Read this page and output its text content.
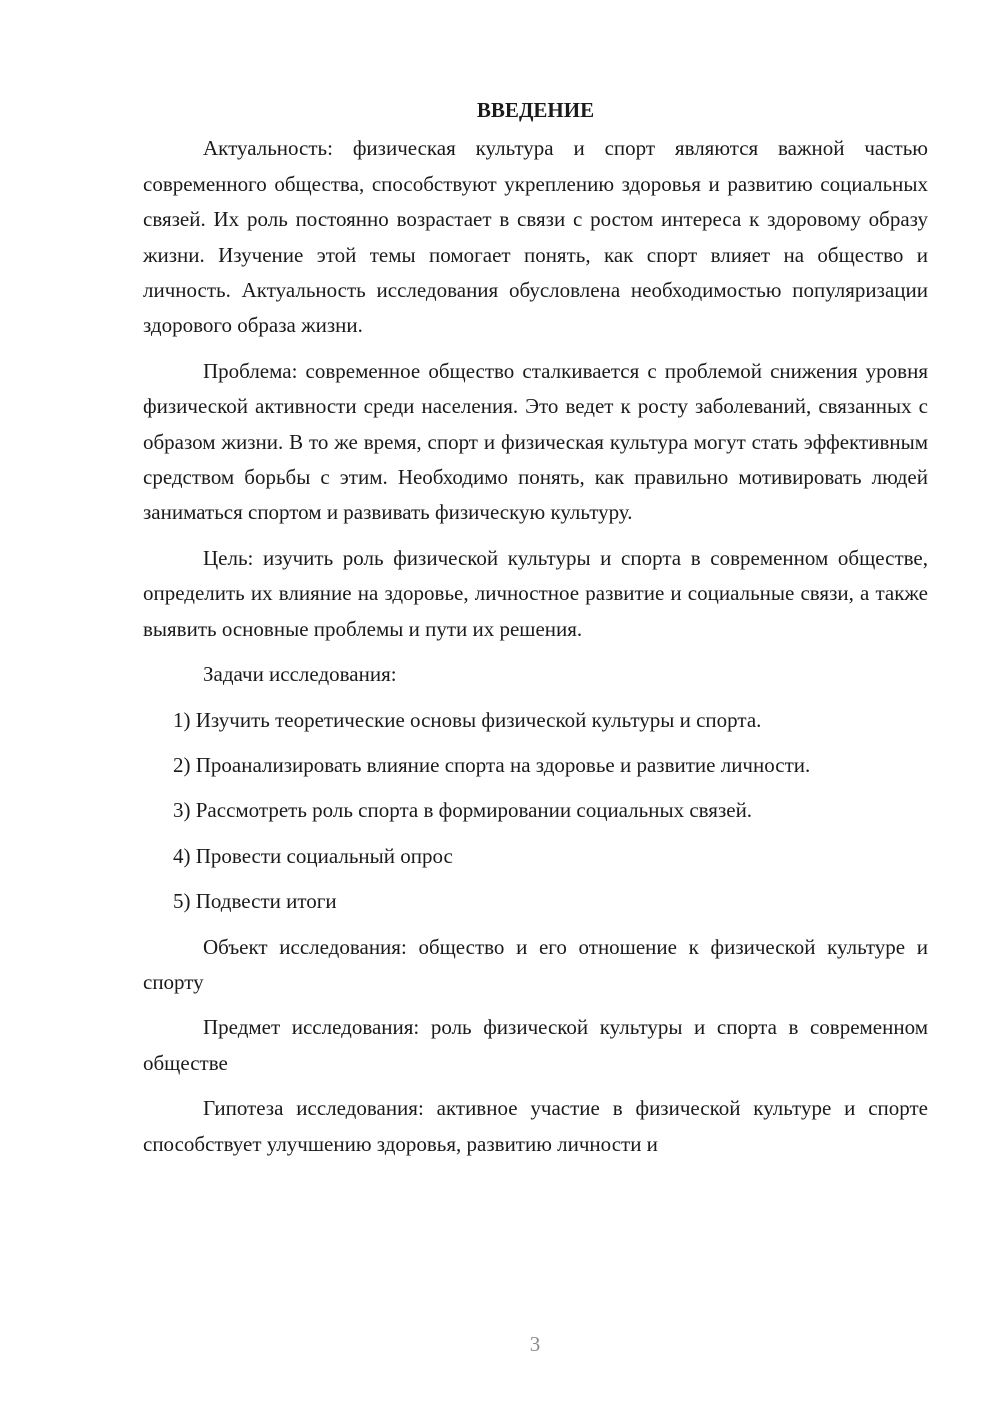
ВВЕДЕНИЕ

Актуальность: физическая культура и спорт являются важной частью современного общества, способствуют укреплению здоровья и развитию социальных связей. Их роль постоянно возрастает в связи с ростом интереса к здоровому образу жизни. Изучение этой темы помогает понять, как спорт влияет на общество и личность. Актуальность исследования обусловлена необходимостью популяризации здорового образа жизни.

Проблема: современное общество сталкивается с проблемой снижения уровня физической активности среди населения. Это ведет к росту заболеваний, связанных с образом жизни. В то же время, спорт и физическая культура могут стать эффективным средством борьбы с этим. Необходимо понять, как правильно мотивировать людей заниматься спортом и развивать физическую культуру.

Цель: изучить роль физической культуры и спорта в современном обществе, определить их влияние на здоровье, личностное развитие и социальные связи, а также выявить основные проблемы и пути их решения.

Задачи исследования:

1) Изучить теоретические основы физической культуры и спорта.

2) Проанализировать влияние спорта на здоровье и развитие личности.

3) Рассмотреть роль спорта в формировании социальных связей.

4) Провести социальный опрос

5) Подвести итоги

Объект исследования: общество и его отношение к физической культуре и спорту

Предмет исследования: роль физической культуры и спорта в современном обществе

Гипотеза исследования: активное участие в физической культуре и спорте способствует улучшению здоровья, развитию личности и

3
